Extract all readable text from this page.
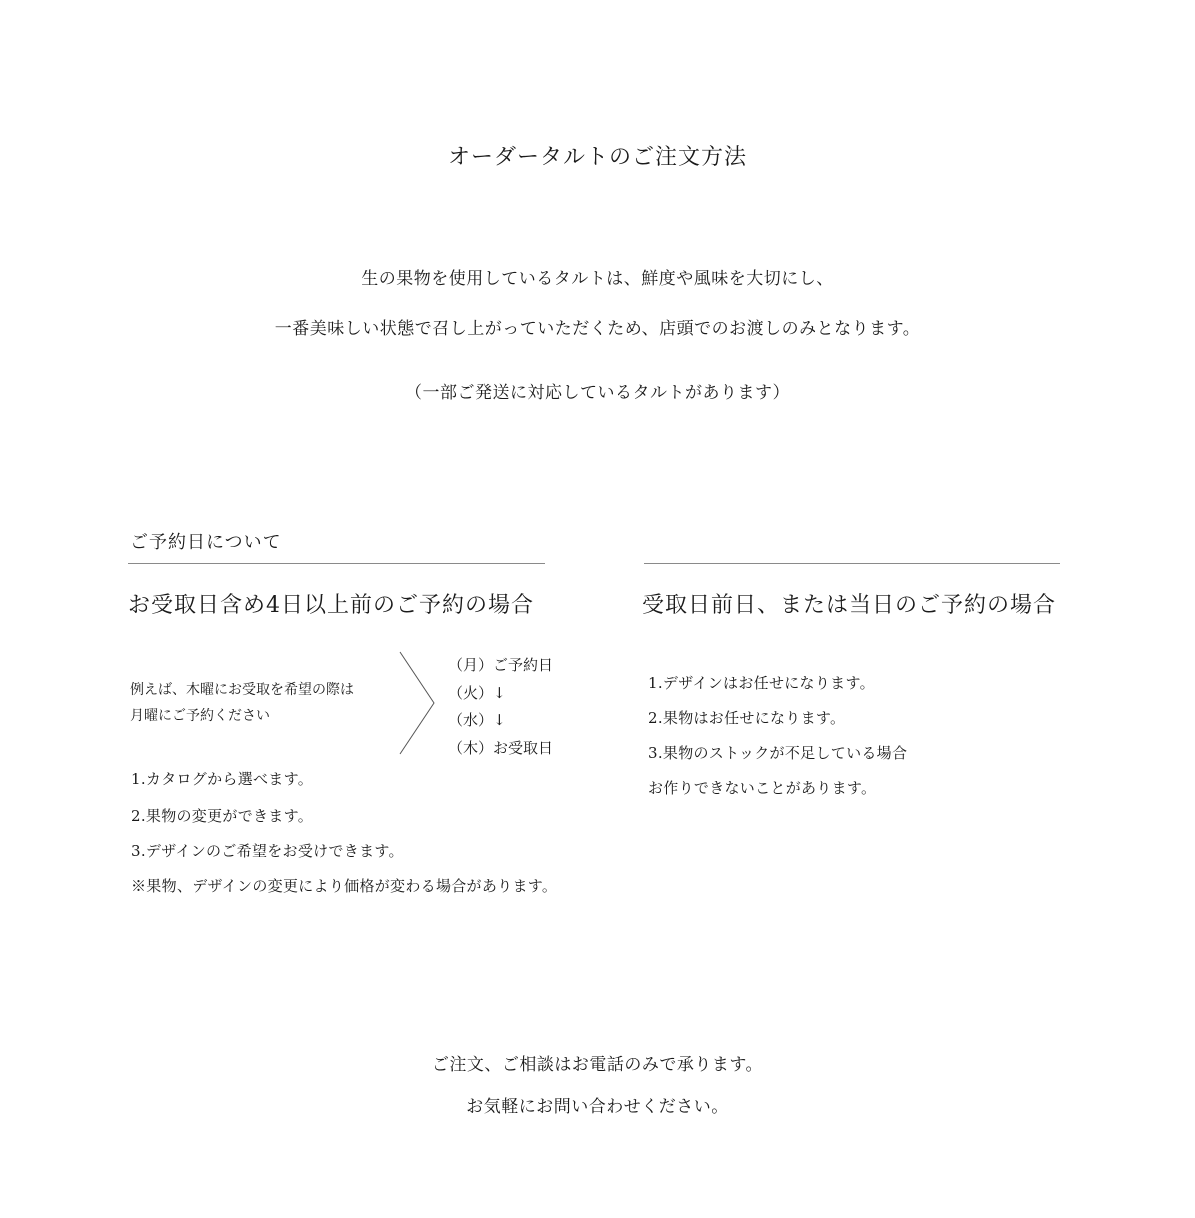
オーダータルトのご注文方法
生の果物を使用しているタルトは、鮮度や風味を大切にし、
一番美味しい状態で召し上がっていただくため、店頭でのお渡しのみとなります。
（一部ご発送に対応しているタルトがあります）
ご予約日について
お受取日含め4日以上前のご予約の場合
例えば、木曜にお受取を希望の際は
月曜にご予約ください
（月）ご予約日
（火）↓
（水）↓
（木）お受取日
1.カタログから選べます。
2.果物の変更ができます。
3.デザインのご希望をお受けできます。
※果物、デザインの変更により価格が変わる場合があります。
受取日前日、または当日のご予約の場合
1.デザインはお任せになります。
2.果物はお任せになります。
3.果物のストックが不足している場合
お作りできないことがあります。
ご注文、ご相談はお電話のみで承ります。
お気軽にお問い合わせください。
